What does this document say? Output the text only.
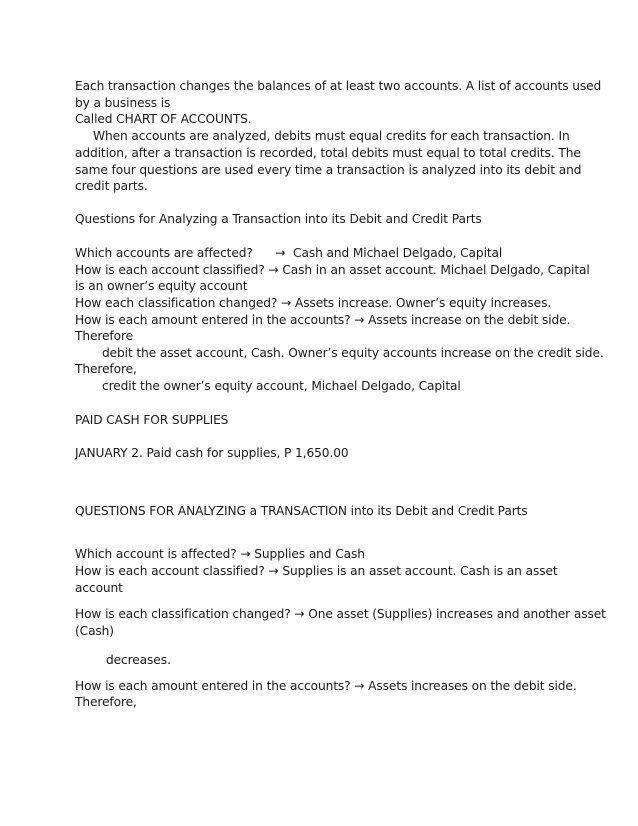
Each transaction changes the balances of at least two accounts. A list of accounts used
by a business is
Called CHART OF ACCOUNTS.
When accounts are analyzed, debits must equal credits for each transaction. In
addition, after a transaction is recorded, total debits must equal to total credits. The
same four questions are used every time a transaction is analyzed into its debit and
credit parts.
Questions for Analyzing a Transaction into its Debit and Credit Parts
Which accounts are affected?      →  Cash and Michael Delgado, Capital
How is each account classified? → Cash in an asset account. Michael Delgado, Capital
is an owner’s equity account
How each classification changed? → Assets increase. Owner’s equity increases.
How is each amount entered in the accounts? → Assets increase on the debit side.
Therefore
debit the asset account, Cash. Owner’s equity accounts increase on the credit side.
Therefore,
credit the owner’s equity account, Michael Delgado, Capital
PAID CASH FOR SUPPLIES
JANUARY 2. Paid cash for supplies, P 1,650.00
QUESTIONS FOR ANALYZING a TRANSACTION into its Debit and Credit Parts
Which account is affected? → Supplies and Cash
How is each account classified? → Supplies is an asset account. Cash is an asset
account
How is each classification changed? → One asset (Supplies) increases and another asset
(Cash)
decreases.
How is each amount entered in the accounts? → Assets increases on the debit side.
Therefore,
